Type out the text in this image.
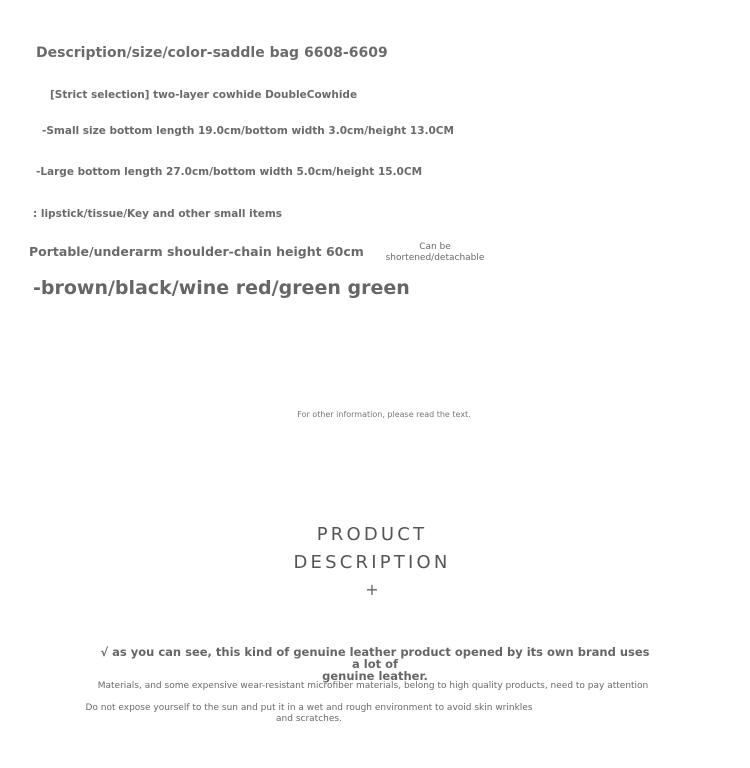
Description/size/color-saddle bag 6608-6609
[Strict selection] two-layer cowhide DoubleCowhide
-Small size bottom length 19.0cm/bottom width 3.0cm/height 13.0CM
-Large bottom length 27.0cm/bottom width 5.0cm/height 15.0CM
: lipstick/tissue/Key and other small items
Portable/underarm shoulder-chain height 60cm	Can be
shortened/detachable
-brown/black/wine red/green green
For other information, please read the text.
PRODUCT
DESCRIPTION
+
√ as you can see, this kind of genuine leather product opened by its own brand uses a lot of
genuine leather.
Materials, and some expensive wear-resistant microfiber materials, belong to high quality products, need to pay attention
Do not expose yourself to the sun and put it in a wet and rough environment to avoid skin wrinkles
and scratches.
